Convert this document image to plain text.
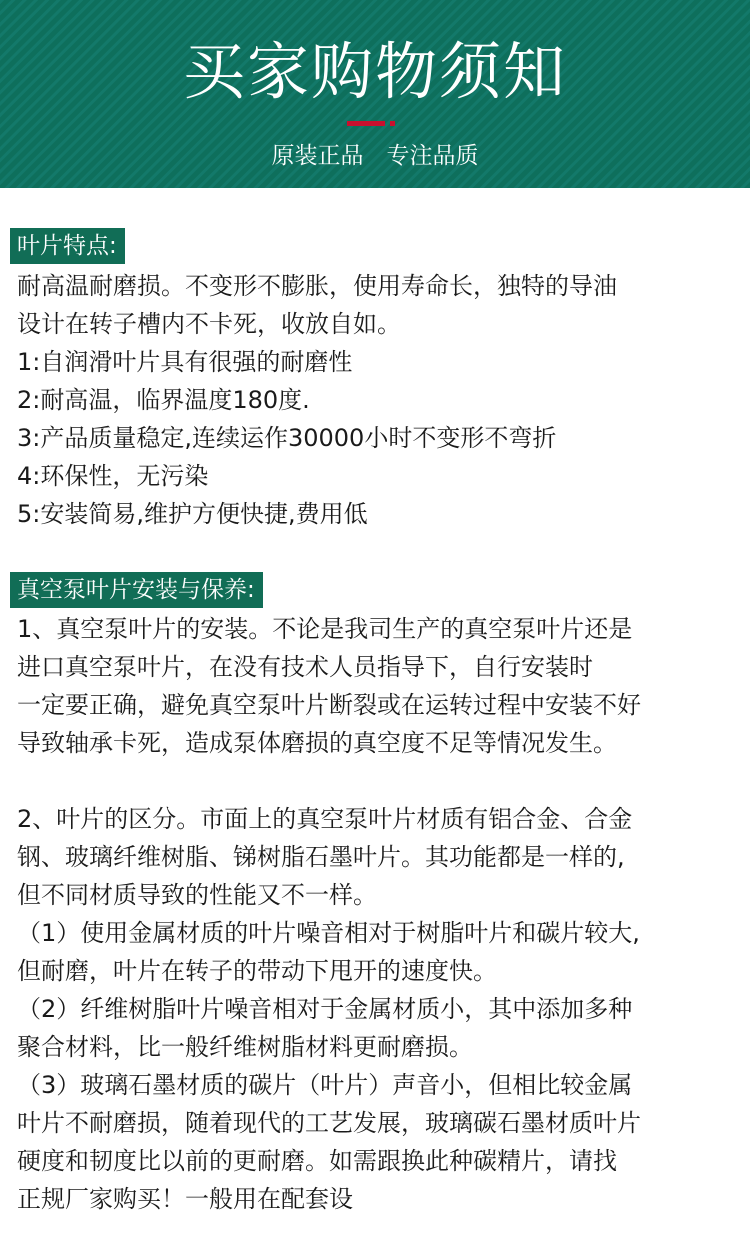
买家购物须知
原装正品　专注品质
叶片特点:
耐高温耐磨损。不变形不膨胀，使用寿命长，独特的导油
设计在转子槽内不卡死，收放自如。
1:自润滑叶片具有很强的耐磨性
2:耐高温，临界温度180度.
3:产品质量稳定,连续运作30000小时不变形不弯折
4:环保性，无污染
5:安装简易,维护方便快捷,费用低
真空泵叶片安装与保养:
1、真空泵叶片的安装。不论是我司生产的真空泵叶片还是
进口真空泵叶片，在没有技术人员指导下，自行安装时
一定要正确，避免真空泵叶片断裂或在运转过程中安装不好
导致轴承卡死，造成泵体磨损的真空度不足等情况发生。
2、叶片的区分。市面上的真空泵叶片材质有铝合金、合金
钢、玻璃纤维树脂、锑树脂石墨叶片。其功能都是一样的,
但不同材质导致的性能又不一样。
（1）使用金属材质的叶片噪音相对于树脂叶片和碳片较大,
但耐磨，叶片在转子的带动下甩开的速度快。
（2）纤维树脂叶片噪音相对于金属材质小，其中添加多种
聚合材料，比一般纤维树脂材料更耐磨损。
（3）玻璃石墨材质的碳片（叶片）声音小，但相比较金属
叶片不耐磨损，随着现代的工艺发展，玻璃碳石墨材质叶片
硬度和韧度比以前的更耐磨。如需跟换此种碳精片，请找
正规厂家购买！一般用在配套设
